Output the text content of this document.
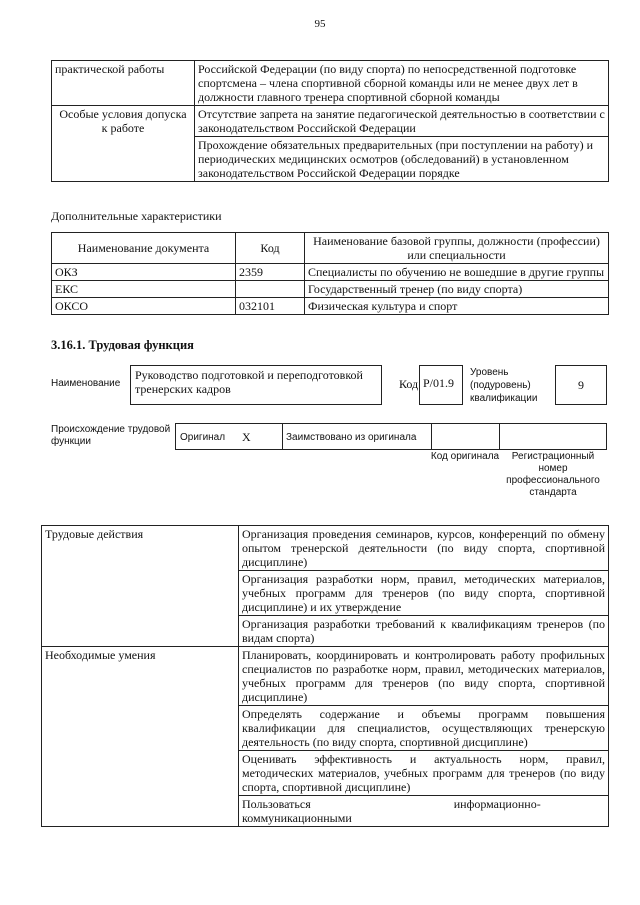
95
практической работы	Российской Федерации (по виду спорта) по непосредственной подготовке спортсмена – члена спортивной сборной команды или не менее двух лет в должности главного тренера спортивной сборной команды
Особые условия допуска к работе	Отсутствие запрета на занятие педагогической деятельностью в соответствии с законодательством Российской Федерации
	Прохождение обязательных предварительных (при поступлении на работу) и периодических медицинских осмотров (обследований) в установленном законодательством Российской Федерации порядке
Дополнительные характеристики
Наименование документа	Код	Наименование базовой группы, должности (профессии) или специальности
ОКЗ	2359	Специалисты по обучению не вошедшие в другие группы
ЕКС		Государственный тренер (по виду спорта)
ОКСО	032101	Физическая культура и спорт
3.16.1. Трудовая функция
Наименование
Руководство подготовкой и переподготовкой тренерских кадров	Код Р/01.9
Уровень (подуровень) квалификации
9
Происхождение трудовой функции	Оригинал X	Заимствовано из оригинала
Код оригинала	Регистрационный номер профессионального стандарта
Трудовые действия	Организация проведения семинаров, курсов, конференций по обмену опытом тренерской деятельности (по виду спорта, спортивной дисциплине)
	Организация разработки норм, правил, методических материалов, учебных программ для тренеров (по виду спорта, спортивной дисциплине) и их утверждение
	Организация разработки требований к квалификациям тренеров (по видам спорта)
Необходимые умения	Планировать, координировать и контролировать работу профильных специалистов по разработке норм, правил, методических материалов, учебных программ для тренеров (по виду спорта, спортивной дисциплине)
	Определять содержание и объемы программ повышения квалификации для специалистов, осуществляющих тренерскую деятельность (по виду спорта, спортивной дисциплине)
	Оценивать эффективность и актуальность норм, правил, методических материалов, учебных программ для тренеров (по виду спорта, спортивной дисциплине)

	Пользоваться информационно-коммуникационными
